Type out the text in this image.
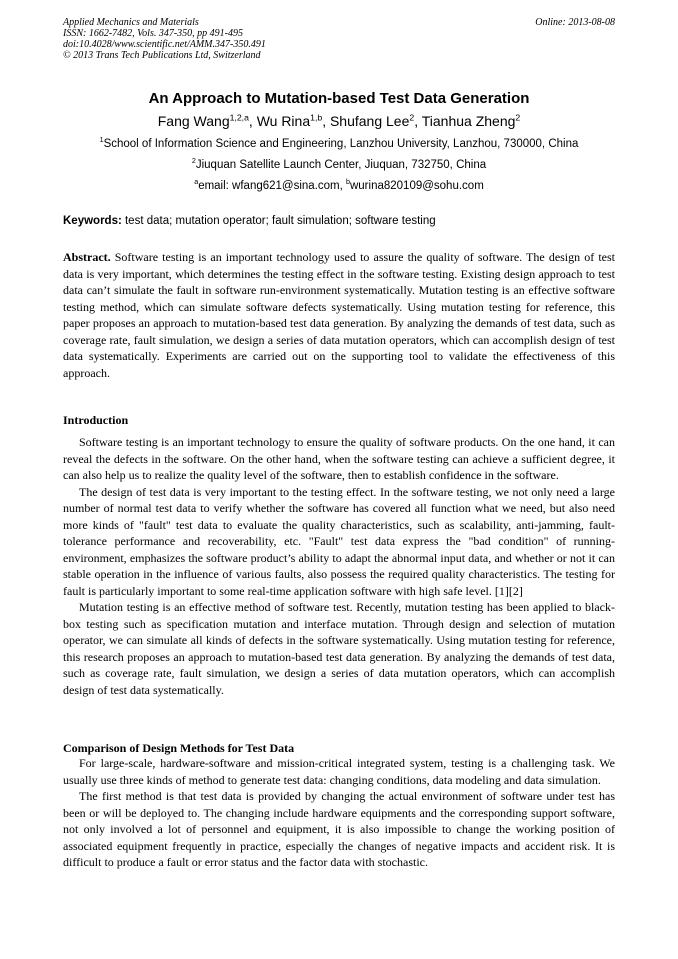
Applied Mechanics and Materials
ISSN: 1662-7482, Vols. 347-350, pp 491-495
doi:10.4028/www.scientific.net/AMM.347-350.491
© 2013 Trans Tech Publications Ltd, Switzerland
Online: 2013-08-08
An Approach to Mutation-based Test Data Generation
Fang Wang$^{1,2,a}$, Wu Rina$^{1,b}$, Shufang Lee$^2$, Tianhua Zheng$^2$
$^1$School of Information Science and Engineering, Lanzhou University, Lanzhou, 730000, China
$^2$Jiuquan Satellite Launch Center, Jiuquan, 732750, China
$^a$email: wfang621@sina.com, $^b$wurina820109@sohu.com
Keywords: test data; mutation operator; fault simulation; software testing

Abstract. Software testing is an important technology used to assure the quality of software. The design of test data is very important, which determines the testing effect in the software testing. Existing design approach to test data can’t simulate the fault in software run-environment systematically. Mutation testing is an effective software testing method, which can simulate software defects systematically. Using mutation testing for reference, this paper proposes an approach to mutation-based test data generation. By analyzing the demands of test data, such as coverage rate, fault simulation, we design a series of data mutation operators, which can accomplish design of test data systematically. Experiments are carried out on the supporting tool to validate the effectiveness of this approach.

Introduction

Software testing is an important technology to ensure the quality of software products. On the one hand, it can reveal the defects in the software. On the other hand, when the software testing can achieve a sufficient degree, it can also help us to realize the quality level of the software, then to establish confidence in the software.

The design of test data is very important to the testing effect. In the software testing, we not only need a large number of normal test data to verify whether the software has covered all function what we need, but also need more kinds of "fault" test data to evaluate the quality characteristics, such as scalability, anti-jamming, fault- tolerance performance and recoverability, etc. "Fault" test data express the "bad condition" of running-environment, emphasizes the software product’s ability to adapt the abnormal input data, and whether or not it can stable operation in the influence of various faults, also possess the required quality characteristics. The testing for fault is particularly important to some real-time application software with high safe level. [1][2]

Mutation testing is an effective method of software test. Recently, mutation testing has been applied to black-box testing such as specification mutation and interface mutation. Through design and selection of mutation operator, we can simulate all kinds of defects in the software systematically. Using mutation testing for reference, this research proposes an approach to mutation-based test data generation. By analyzing the demands of test data, such as coverage rate, fault simulation, we design a series of data mutation operators, which can accomplish design of test data systematically.

Comparison of Design Methods for Test Data

For large-scale, hardware-software and mission-critical integrated system, testing is a challenging task. We usually use three kinds of method to generate test data: changing conditions, data modeling and data simulation.

The first method is that test data is provided by changing the actual environment of software under test has been or will be deployed to. The changing include hardware equipments and the corresponding support software, not only involved a lot of personnel and equipment, it is also impossible to change the working position of associated equipment frequently in practice, especially the changes of negative impacts and accident risk. It is difficult to produce a fault or error status and the factor data with stochastic.
